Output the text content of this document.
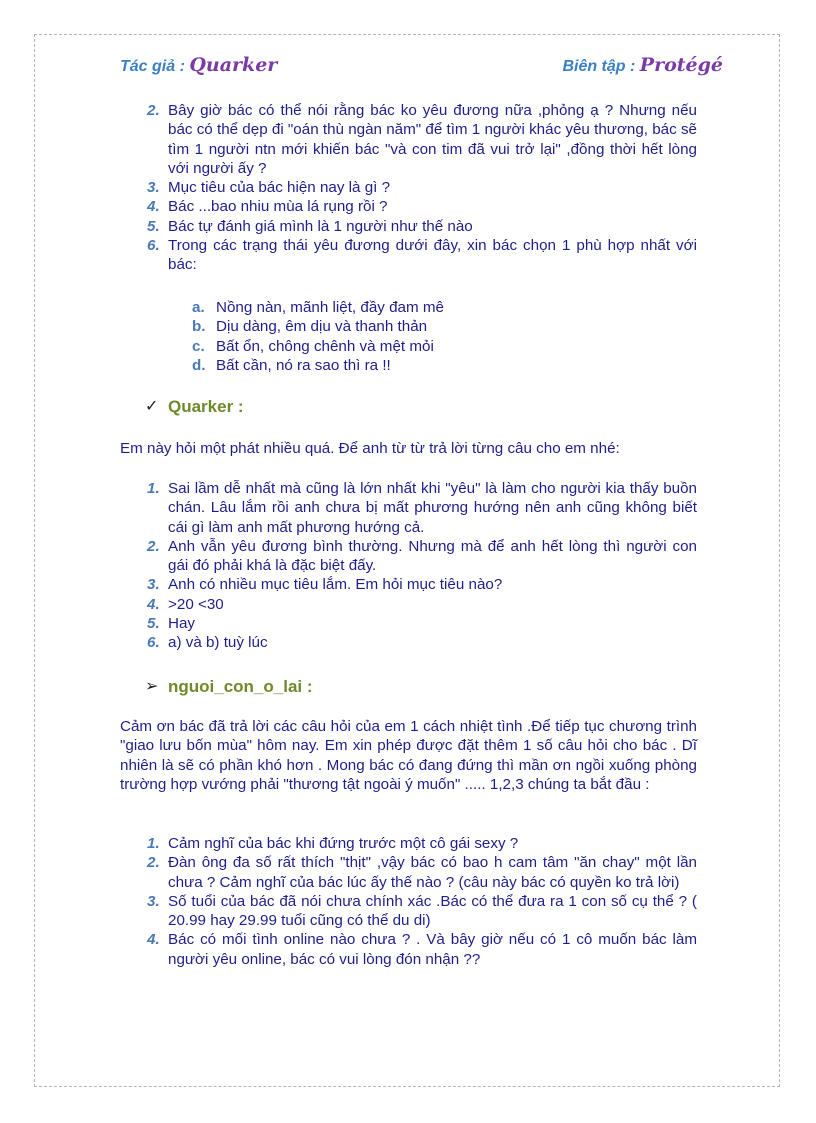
Tác giả : Quarker	Biên tập : Protégé
2. Bây giờ bác có thể nói rằng bác ko yêu đương nữa ,phỏng ạ ? Nhưng nếu bác có thể dẹp đi "oán thù ngàn năm" để tìm 1 người khác yêu thương, bác sẽ tìm 1 người ntn mới khiến bác "và con tim đã vui trở lại" ,đồng thời hết lòng với người ấy ?
3. Mục tiêu của bác hiện nay là gì ?
4. Bác ...bao nhiu mùa lá rụng rồi ?
5. Bác tự đánh giá mình là 1 người như thế nào
6. Trong các trạng thái yêu đương dưới đây, xin bác chọn 1 phù hợp nhất với bác:
a. Nồng nàn, mãnh liệt, đầy đam mê
b. Dịu dàng, êm dịu và thanh thản
c. Bất ổn, chông chênh và mệt mỏi
d. Bất cần, nó ra sao thì ra !!
✓ Quarker :

Em này hỏi một phát nhiều quá. Để anh từ từ trả lời từng câu cho em nhé:

1. Sai lầm dễ nhất mà cũng là lớn nhất khi "yêu" là làm cho người kia thấy buồn chán. Lâu lắm rồi anh chưa bị mất phương hướng nên anh cũng không biết cái gì làm anh mất phương hướng cả.
2. Anh vẫn yêu đương bình thường. Nhưng mà để anh hết lòng thì người con gái đó phải khá là đặc biệt đấy.
3. Anh có nhiều mục tiêu lắm. Em hỏi mục tiêu nào?
4. >20 <30
5. Hay
6. a) và b) tuỳ lúc
➢ nguoi_con_o_lai :

Cảm ơn bác đã trả lời các câu hỏi của em 1 cách nhiệt tình .Để tiếp tục chương trình "giao lưu bốn mùa" hôm nay. Em xin phép được đặt thêm 1 số câu hỏi cho bác . Dĩ nhiên là sẽ có phần khó hơn . Mong bác có đang đứng thì mần ơn ngồi xuống phòng trường hợp vướng phải "thương tật ngoài ý muốn" ..... 1,2,3 chúng ta bắt đầu :

1. Cảm nghĩ của bác khi đứng trước một cô gái sexy ?
2. Đàn ông đa số rất thích "thịt" ,vậy bác có bao h cam tâm "ăn chay" một lần chưa ? Cảm nghĩ của bác lúc ấy thế nào ? (câu này bác có quyền ko trả lời)
3. Số tuổi của bác đã nói chưa chính xác .Bác có thể đưa ra 1 con số cụ thể ? ( 20.99 hay 29.99 tuổi cũng có thể du di)
4. Bác có mối tình online nào chưa ? . Và bây giờ nếu có 1 cô muốn bác làm người yêu online, bác có vui lòng đón nhận ??
